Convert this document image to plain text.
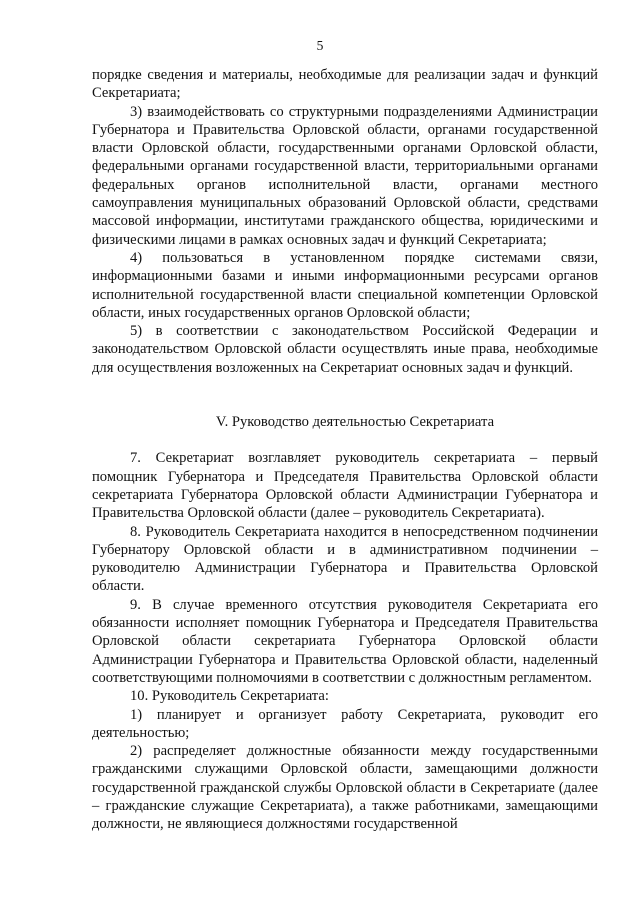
5

порядке сведения и материалы, необходимые для реализации задач и функций Секретариата;

3) взаимодействовать со структурными подразделениями Администрации Губернатора и Правительства Орловской области, органами государственной власти Орловской области, государственными органами Орловской области, федеральными органами государственной власти, территориальными органами федеральных органов исполнительной власти, органами местного самоуправления муниципальных образований Орловской области, средствами массовой информации, институтами гражданского общества, юридическими и физическими лицами в рамках основных задач и функций Секретариата;

4) пользоваться в установленном порядке системами связи, информационными базами и иными информационными ресурсами органов исполнительной государственной власти специальной компетенции Орловской области, иных государственных органов Орловской области;

5) в соответствии с законодательством Российской Федерации и законодательством Орловской области осуществлять иные права, необходимые для осуществления возложенных на Секретариат основных задач и функций.

V. Руководство деятельностью Секретариата

7. Секретариат возглавляет руководитель секретариата – первый помощник Губернатора и Председателя Правительства Орловской области секретариата Губернатора Орловской области Администрации Губернатора и Правительства Орловской области (далее – руководитель Секретариата).

8. Руководитель Секретариата находится в непосредственном подчинении Губернатору Орловской области и в административном подчинении – руководителю Администрации Губернатора и Правительства Орловской области.

9. В случае временного отсутствия руководителя Секретариата его обязанности исполняет помощник Губернатора и Председателя Правительства Орловской области секретариата Губернатора Орловской области Администрации Губернатора и Правительства Орловской области, наделенный соответствующими полномочиями в соответствии с должностным регламентом.

10. Руководитель Секретариата:

1) планирует и организует работу Секретариата, руководит его деятельностью;

2) распределяет должностные обязанности между государственными гражданскими служащими Орловской области, замещающими должности государственной гражданской службы Орловской области в Секретариате (далее – гражданские служащие Секретариата), а также работниками, замещающими должности, не являющиеся должностями государственной
